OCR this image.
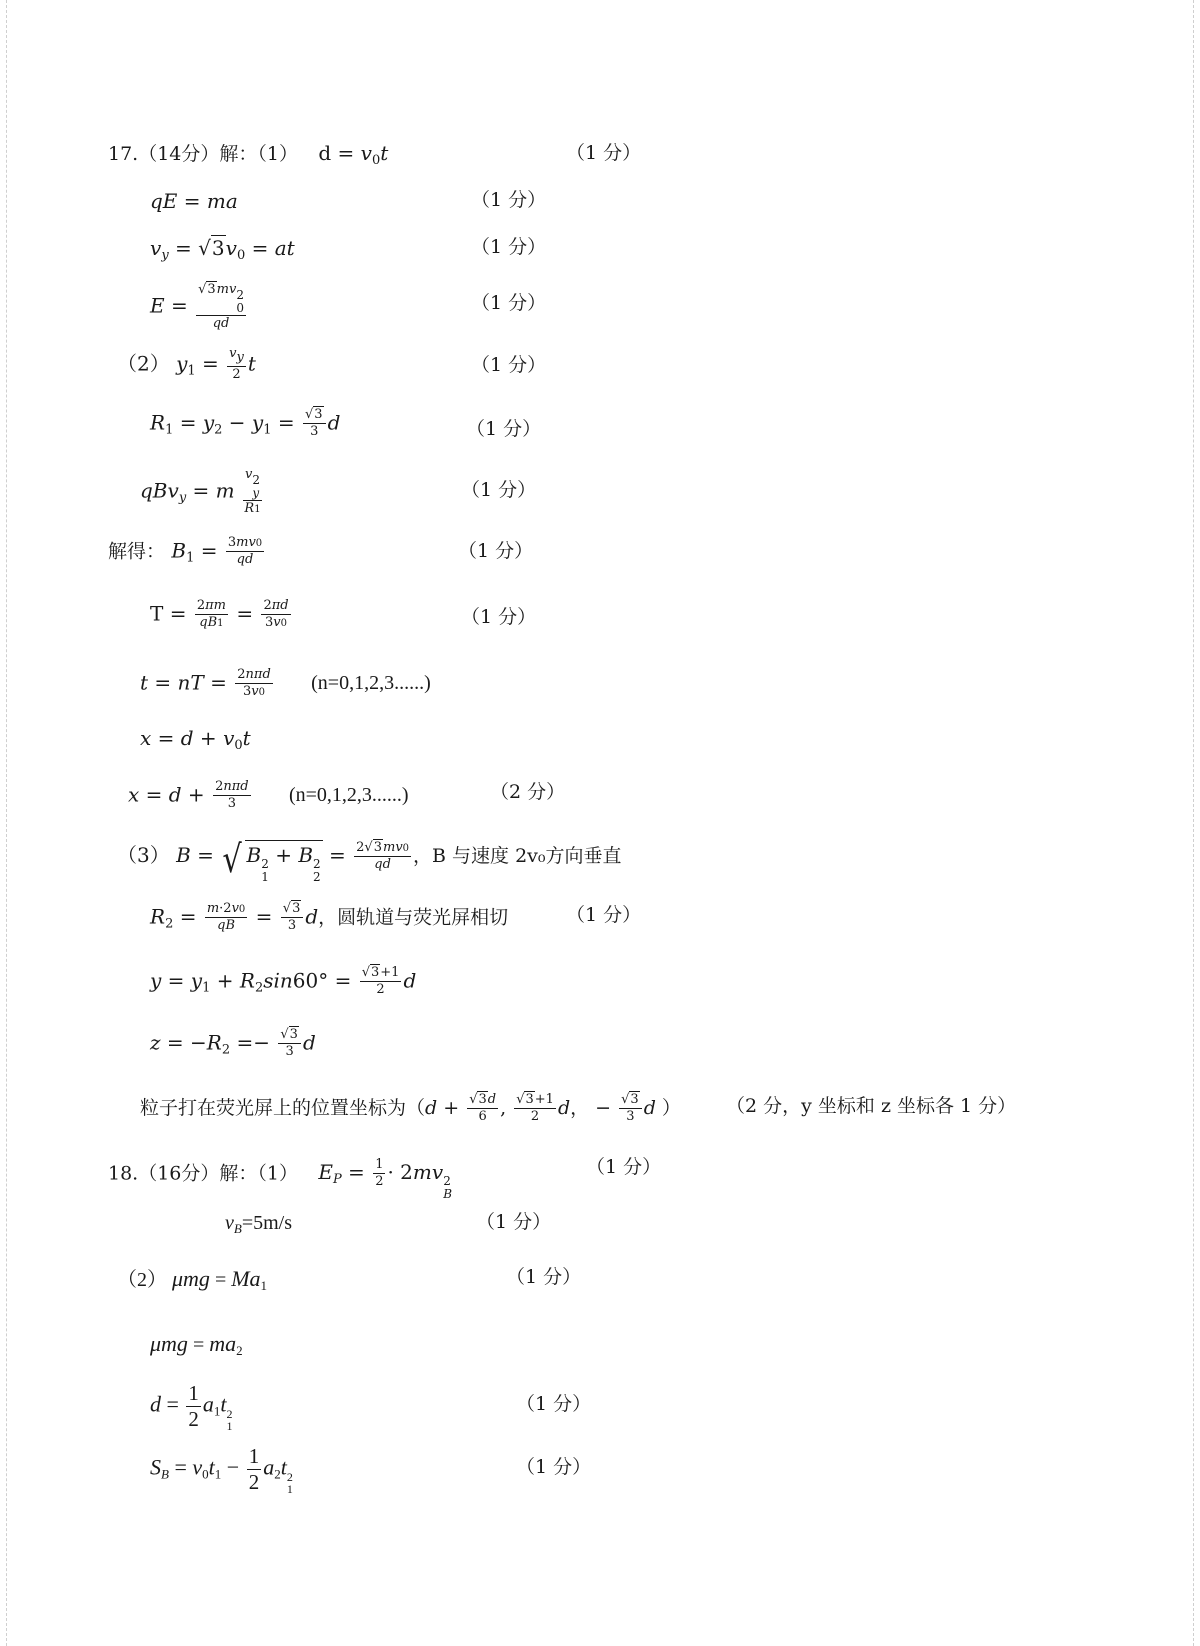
17.（14分）解：（1） $d = v_0t$	（1 分）
qE = ma	（1 分）
$v_y = √3v_0$ = at	（1 分）
E = √3mv 2
0
qd	（1 分）
（2） $y_1 = \frac{vy}{2}$ t	（1 分）
$R_1 = y_2 - y_1 = \frac{√3}{3}$ d	（1 分）
qBv$_y$ = m v 2
y
R1	（1 分）
解得： $B_1 = \frac{3mv0}{qd}$	（1 分）
$T = \frac{2\pi m}{qB1} = \frac{2\pi d}{3v0}$	（1 分）
t = nT = $\frac{\text{2nπd}}{3v0} (n=0,1,2,3......)$
$x = d + v_0t$
$x = d + \frac{\text{2nπd}}{3} (n=0,1,2,3......)$	（2 分）
（3） B = √ B 2
1
+ B 2
2
= $\frac{2√3mv0}{qd}$ ，B 与速度 2v₀方向垂直
$R_2 = \frac{m\cdot 2v0}{qB} = \frac{√3}{3}$ d，圆轨道与荧光屏相切	（1 分）
$y = y_1 + R_2\sin 60^\circ = \frac{√3+1}{2}$ d
$z = -R_2 =- \frac{√3}{3}$ d
粒子打在荧光屏上的位置坐标为（$d + \frac{√3d}{6}$ , $\frac{√3+1}{2}$ d， − $\frac{√3}{3}$ d ） （2 分，y 坐标和 z 坐标各 1 分）
18.（16分）解：（1） $E_P = \frac{1}{2} \cdot 2mv$ 2
B
（1 分）
$v_B=5m/s$	（1 分）
（2） $\mu mg = Ma_1$	（1 分）
$\mu mg = ma_2$
$d = \frac{1}{2} a_1t$ 2
1
（1 分）
$S_B = v_0t_1 - \frac{1}{2} a_2t$ 2
1
（1 分）
